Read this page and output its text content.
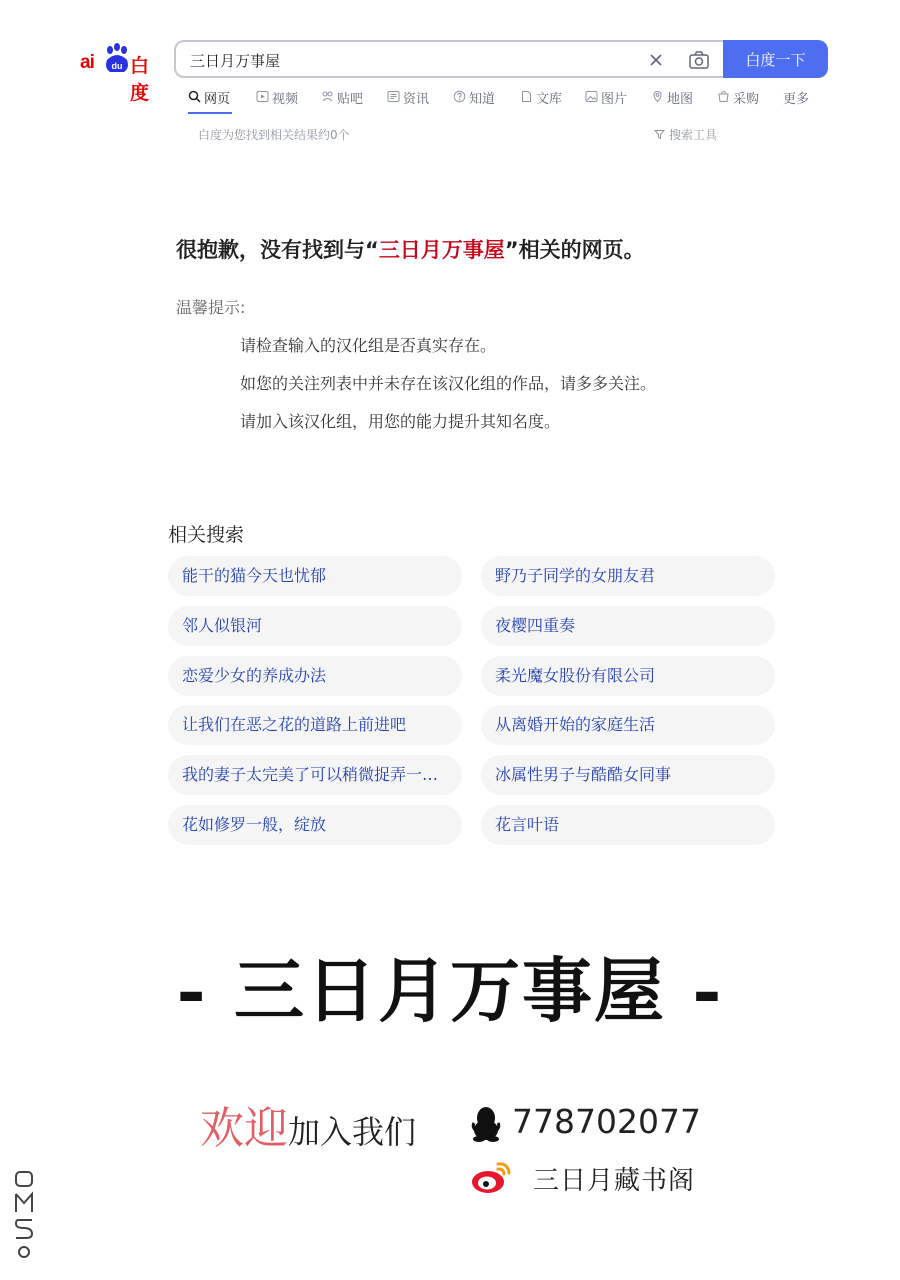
ai du 白度
三日月万事屋
白度一下
网页	视频	贴吧	资讯	知道	文库	图片	地图	采购 更多
白度为您找到相关结果约0个	搜索工具
很抱歉，没有找到与“三日月万事屋”相关的网页。
温馨提示:
请检查输入的汉化组是否真实存在。
如您的关注列表中并未存在该汉化组的作品，请多多关注。
请加入该汉化组，用您的能力提升其知名度。
相关搜索
能干的猫今天也忧郁	野乃子同学的女朋友君
邻人似银河	夜樱四重奏
恋爱少女的养成办法	柔光魔女股份有限公司
让我们在恶之花的道路上前进吧	从离婚开始的家庭生活
我的妻子太完美了可以稍微捉弄一…	冰属性男子与酷酷女同事
花如修罗一般，绽放	花言叶语
- 三日月万事屋 -
欢迎加入我们	778702077
三日月藏书阁
